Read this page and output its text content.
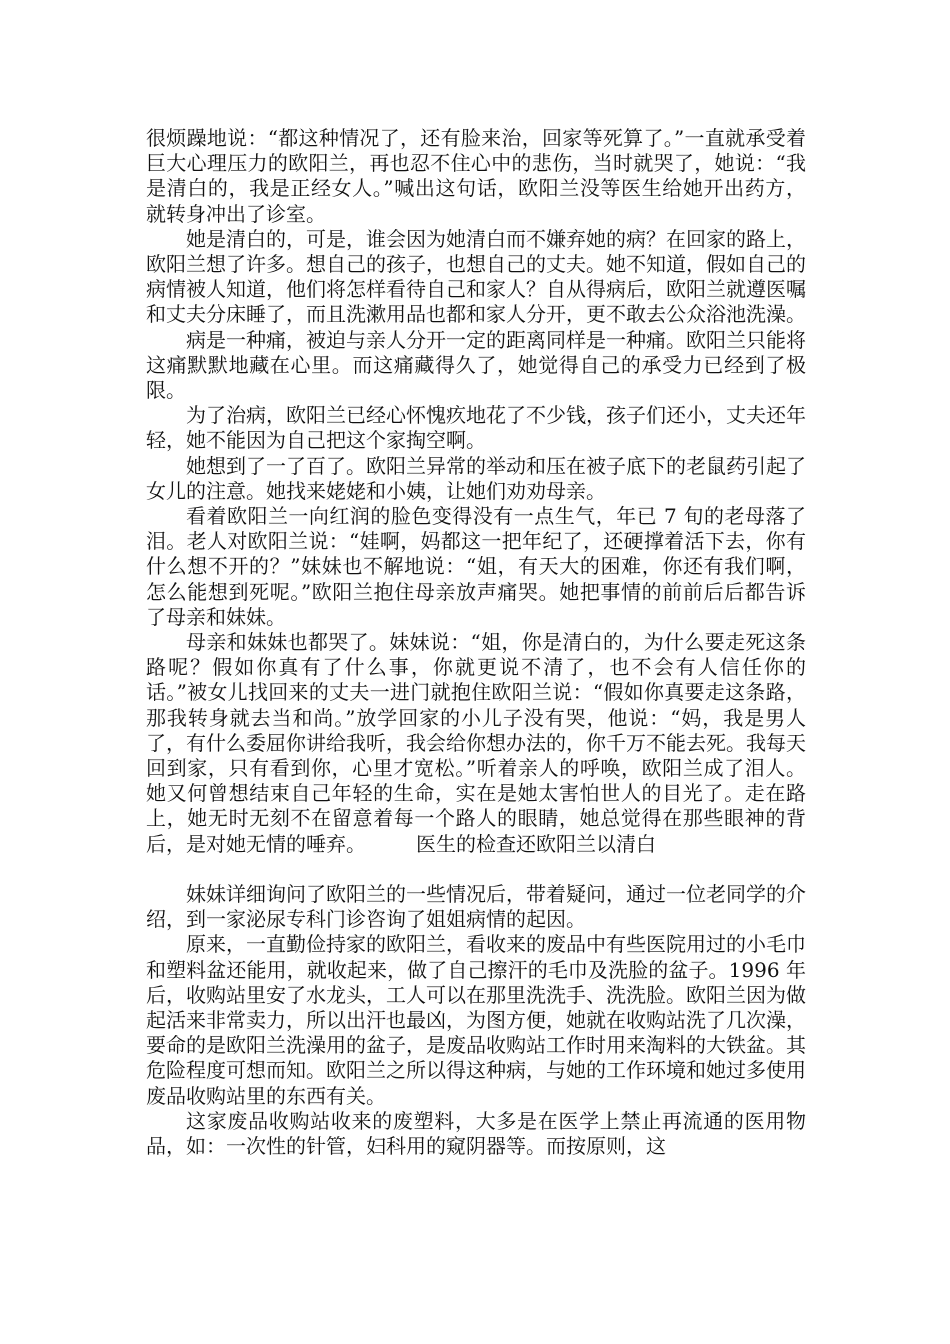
很烦躁地说：“都这种情况了，还有脸来治，回家等死算了。”一直就承受着巨大心理压力的欧阳兰，再也忍不住心中的悲伤，当时就哭了，她说：“我是清白的，我是正经女人。”喊出这句话，欧阳兰没等医生给她开出药方，就转身冲出了诊室。

她是清白的，可是，谁会因为她清白而不嫌弃她的病？在回家的路上，欧阳兰想了许多。想自己的孩子，也想自己的丈夫。她不知道，假如自己的病情被人知道，他们将怎样看待自己和家人？自从得病后，欧阳兰就遵医嘱和丈夫分床睡了，而且洗漱用品也都和家人分开，更不敢去公众浴池洗澡。

病是一种痛，被迫与亲人分开一定的距离同样是一种痛。欧阳兰只能将这痛默默地藏在心里。而这痛藏得久了，她觉得自己的承受力已经到了极限。

为了治病，欧阳兰已经心怀愧疚地花了不少钱，孩子们还小，丈夫还年轻，她不能因为自己把这个家掏空啊。

她想到了一了百了。欧阳兰异常的举动和压在被子底下的老鼠药引起了女儿的注意。她找来姥姥和小姨，让她们劝劝母亲。

看着欧阳兰一向红润的脸色变得没有一点生气，年已 7 旬的老母落了泪。老人对欧阳兰说：“娃啊，妈都这一把年纪了，还硬撑着活下去，你有什么想不开的？”妹妹也不解地说：“姐，有天大的困难，你还有我们啊，怎么能想到死呢。”欧阳兰抱住母亲放声痛哭。她把事情的前前后后都告诉了母亲和妹妹。

母亲和妹妹也都哭了。妹妹说：“姐，你是清白的，为什么要走死这条路呢？假如你真有了什么事，你就更说不清了，也不会有人信任你的话。”被女儿找回来的丈夫一进门就抱住欧阳兰说：“假如你真要走这条路，那我转身就去当和尚。”放学回家的小儿子没有哭，他说：“妈，我是男人了，有什么委屈你讲给我听，我会给你想办法的，你千万不能去死。我每天回到家，只有看到你，心里才宽松。”听着亲人的呼唤，欧阳兰成了泪人。她又何曾想结束自己年轻的生命，实在是她太害怕世人的目光了。走在路上，她无时无刻不在留意着每一个路人的眼睛，她总觉得在那些眼神的背后，是对她无情的唾弃。　　　医生的检查还欧阳兰以清白

妹妹详细询问了欧阳兰的一些情况后，带着疑问，通过一位老同学的介绍，到一家泌尿专科门诊咨询了姐姐病情的起因。

原来，一直勤俭持家的欧阳兰，看收来的废品中有些医院用过的小毛巾和塑料盆还能用，就收起来，做了自己擦汗的毛巾及洗脸的盆子。1996 年后，收购站里安了水龙头，工人可以在那里洗洗手、洗洗脸。欧阳兰因为做起活来非常卖力，所以出汗也最凶，为图方便，她就在收购站洗了几次澡，要命的是欧阳兰洗澡用的盆子，是废品收购站工作时用来淘料的大铁盆。其危险程度可想而知。欧阳兰之所以得这种病，与她的工作环境和她过多使用废品收购站里的东西有关。

这家废品收购站收来的废塑料，大多是在医学上禁止再流通的医用物品，如：一次性的针管，妇科用的窥阴器等。而按原则，这
